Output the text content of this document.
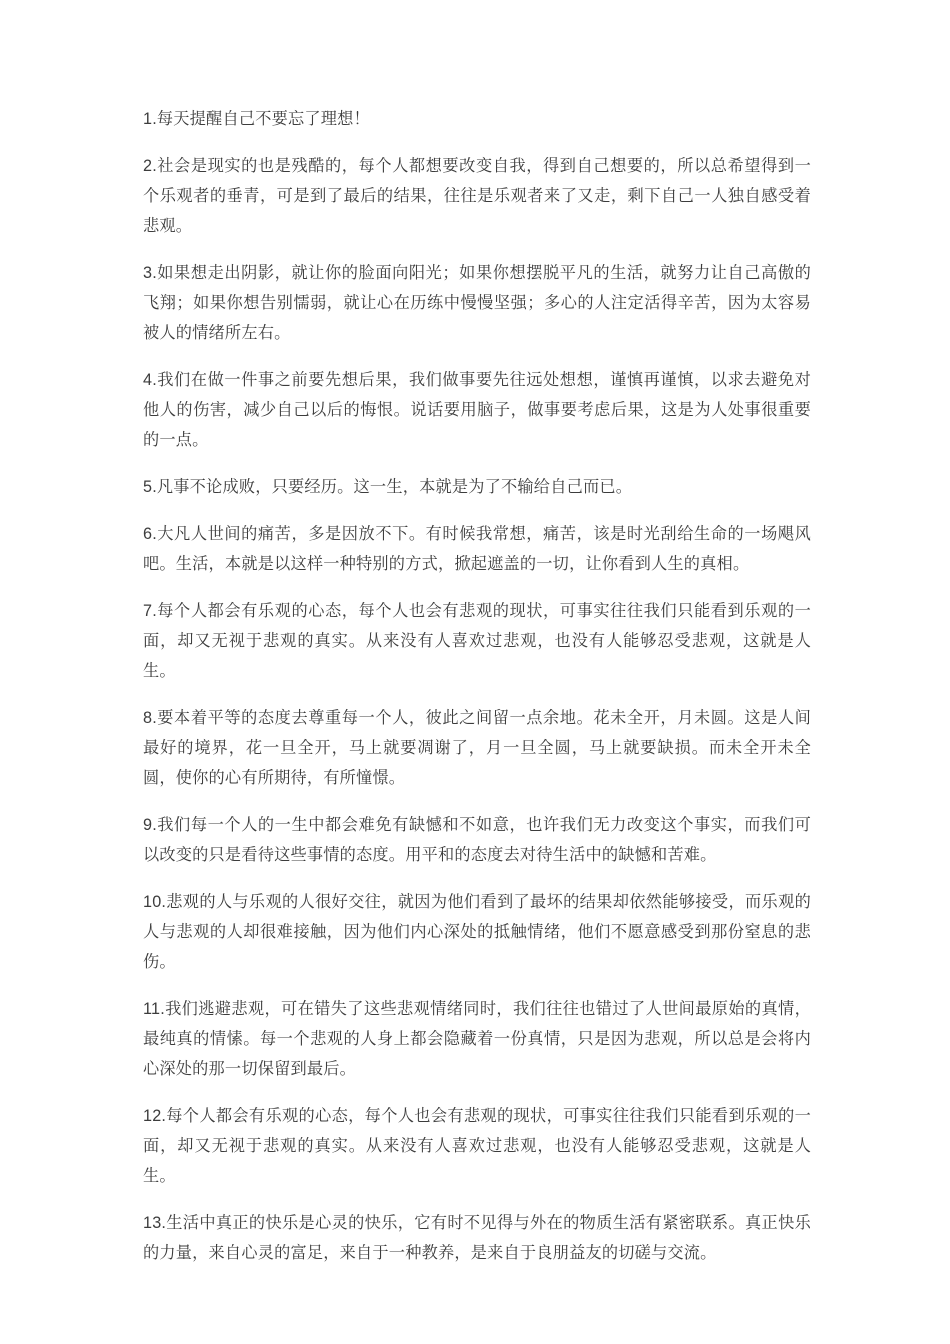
1.每天提醒自己不要忘了理想！

2.社会是现实的也是残酷的，每个人都想要改变自我，得到自己想要的，所以总希望得到一个乐观者的垂青，可是到了最后的结果，往往是乐观者来了又走，剩下自己一人独自感受着悲观。

3.如果想走出阴影，就让你的脸面向阳光；如果你想摆脱平凡的生活，就努力让自己高傲的飞翔；如果你想告别懦弱，就让心在历练中慢慢坚强；多心的人注定活得辛苦，因为太容易被人的情绪所左右。

4.我们在做一件事之前要先想后果，我们做事要先往远处想想，谨慎再谨慎，以求去避免对他人的伤害，减少自己以后的悔恨。说话要用脑子，做事要考虑后果，这是为人处事很重要的一点。

5.凡事不论成败，只要经历。这一生，本就是为了不输给自己而已。

6.大凡人世间的痛苦，多是因放不下。有时候我常想，痛苦，该是时光刮给生命的一场飓风吧。生活，本就是以这样一种特别的方式，掀起遮盖的一切，让你看到人生的真相。

7.每个人都会有乐观的心态，每个人也会有悲观的现状，可事实往往我们只能看到乐观的一面，却又无视于悲观的真实。从来没有人喜欢过悲观，也没有人能够忍受悲观，这就是人生。

8.要本着平等的态度去尊重每一个人，彼此之间留一点余地。花未全开，月未圆。这是人间最好的境界，花一旦全开，马上就要凋谢了，月一旦全圆，马上就要缺损。而未全开未全圆，使你的心有所期待，有所憧憬。

9.我们每一个人的一生中都会难免有缺憾和不如意，也许我们无力改变这个事实，而我们可以改变的只是看待这些事情的态度。用平和的态度去对待生活中的缺憾和苦难。

10.悲观的人与乐观的人很好交往，就因为他们看到了最坏的结果却依然能够接受，而乐观的人与悲观的人却很难接触，因为他们内心深处的抵触情绪，他们不愿意感受到那份窒息的悲伤。

11.我们逃避悲观，可在错失了这些悲观情绪同时，我们往往也错过了人世间最原始的真情，最纯真的情愫。每一个悲观的人身上都会隐藏着一份真情，只是因为悲观，所以总是会将内心深处的那一切保留到最后。

12.每个人都会有乐观的心态，每个人也会有悲观的现状，可事实往往我们只能看到乐观的一面，却又无视于悲观的真实。从来没有人喜欢过悲观，也没有人能够忍受悲观，这就是人生。

13.生活中真正的快乐是心灵的快乐，它有时不见得与外在的物质生活有紧密联系。真正快乐的力量，来自心灵的富足，来自于一种教养，是来自于良朋益友的切磋与交流。
